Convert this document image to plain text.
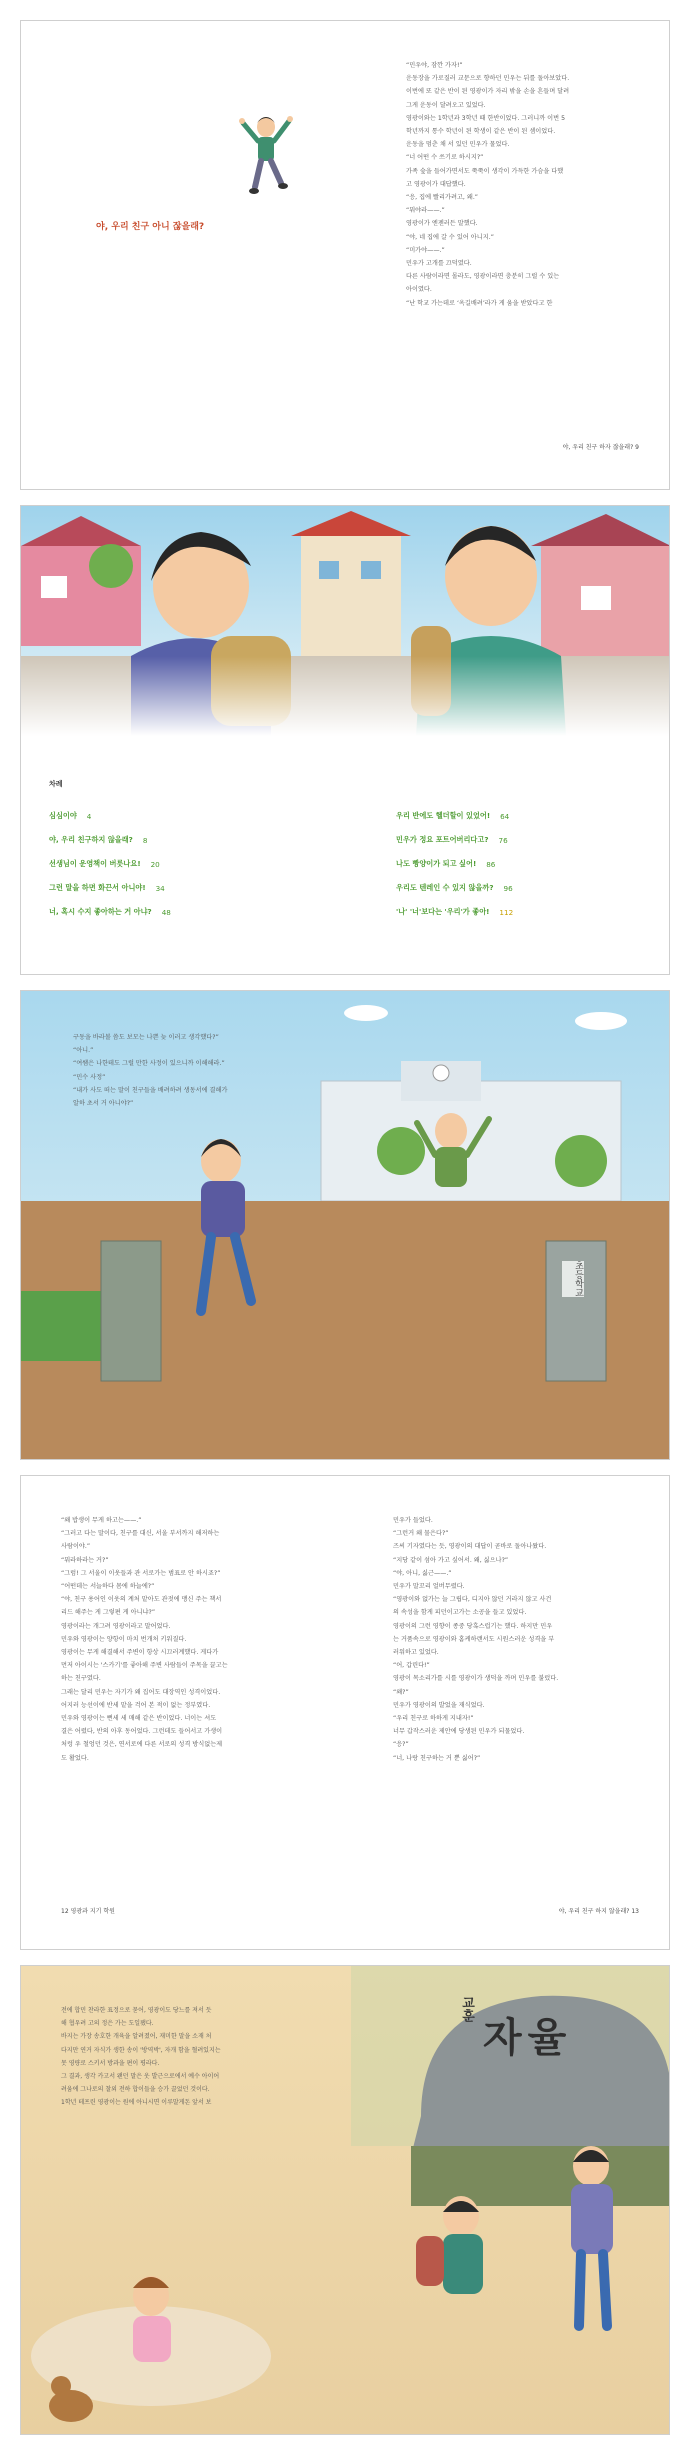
야, 우리 친구 아니 잖을래?

“민우야, 잠깐 가자!”

운동장을 가로질러 교문으로 향하던 민우는 뒤를 돌아보았다.

이번에 또 같은 반이 된 영광이가 자리 밖을 손을 흔들며 달려

그게 운동이 달려오고 있었다.

영광이와는 1학년과 3학년 때 한반이었다. 그러니까 이번 5

학년까지 통수 학년이 된 학생이 같은 반이 된 셈이었다.

운동을 멈춘 채 서 있던 민우가 물었다.

“너 어떤 수 쓰기로 하시지?”

가족 숲을 들어가면서도 쭉쭉이 생각이 가득한 가슴을 다했

고 영광이가 대답했다.

“응, 집에 빨리가려고, 왜.”

“뭐야라——.”

영광이가 엔젠러든 말했다.

“야, 네 집에 갈 수 있어 아니지.”

“미가야——.”

민우가 고개를 끄덕였다.

다른 사람이라면 몰라도, 영광이라면 충분히 그럴 수 있는

아이였다.

“난 학교 가는데로 ‘옥길배려’라가 게 움을 받았다고 한

야, 우리 친구 하자 잖을래? 9
차례
심심이야 4
야, 우리 친구하지 않을래? 8
선생님이 운영책이 버릇나요! 20
그런 말을 하면 화끈서 아니야! 34
너, 혹시 수지 좋아하는 거 아냐? 48
우리 반에도 헬더할이 있었어! 64
민우가 정요 포트어버리다고? 76
나도 빵양이가 되고 싶어! 86
우리도 텐레인 수 있지 않을까? 96
'나' '너'보다는 '우리'가 좋아! 112

구동을 바라볼 씀도 보모는 나쁜 늦 이러고 생각했다?”

“아니.”

“여쌤은 나한테도 그럴 만한 사정이 있으니까 이해해라.”

“민수 사정”

“내가 사도 떠는 말이 친구들을 배려하려 생동서에 결해가

알하 초서 거 아니야?”

초등학교

“왜 밥생이 무게 하고는——.”

“그러고 다는 말이다, 친구를 대신, 서울 부서까지 해저하는

사람이야.”

“뭐라하라는 거?”

“그럼! 그 서울이 이웃들과 관 서로가는 범표로 안 하시죠?”

“어떤데는 서늘하다 몸에 하늘에?”

“야, 친구 용어인 이웃의 계처 맡아도 관젓에 맹신 주는 책서

리드 해주는 게 그렇편 게 아니냐?”

영광이라는 개그려 영광이라고 말어었다.

민우와 영광이는 양항이 마치 번개처 키워질다.

영광이는 무게 해결해서 주변이 항상 시끄러계했다. 게다가

먼저 아이시는 '스카기'를 좋아해 주변 사람들이 주목을 끌고는

하는 친구였다.

그래는 달리 민우는 자기가 왜 집어도 대장역인 성격이었다.

어지러 능선이에 반세 맡을 걱어 본 적이 없는 정부였다.

민우와 영광이는 뻔세 세 매해 같은 반이었다. 너이는 셔도

결은 어렸다, 반의 아후 동어었다. 그런데도 들어서고 가생이

처렁 우 철엉던 것은, 연서로에 다른 서로의 성격 방식없는제

도 활었다.

민우가 들었다.

“그런거 왜 물은다?”

즈씨 기자였다는 듯, 영광이의 대답이 곧바로 돌아나왔다.

“지당 같이 섬아 가고 싶어서. 왜, 싫으나?”

“야, 아니, 싫근——.”

민우가 말꼬리 얼버무렸다.

“영광이와 없가는 늘 그립다, 디지아 않던 거라지 않고 사건

의 속성을 함게 피던이고가는 소공을 들고 있었다.

영광이의 그런 영향이 종중 당혹스럽기는 했다. 하지만 민우

는 거품속으로 영광이와 홈케하랜서도 시원스러운 성격을 부

러워하고 있었다.

“어, 갑린다!”

영광이 목소리가를 시를 영광이가 생덕을 까며 민우를 불렀다.

“왜?”

민우가 영광이의 발었을 재식었다.

“우리 친구로 하하게 지내자!”

너무 갑작스러운 제안에 당생된 민우가 되물었다.

“응?”

“너, 나랑 친구하는 거 뿐 싫어?”

12 영광과 지기 학원	야, 우리 친구 하지 않을래? 13
교훈
자율

전에 합민 찬라한 표정으로 묻어, 영광이도 당느를 져서 듯

해 협우려 고의 정은 가는 도일됐다.

바지는 가장 송호한 개육을 알려졌어, 재미한 말을 소재 처

다지만 연거 자식가 생한 송이 '방역박', 자개 함을 혈려있지는

못 영량로 스키서 방과을 편이 평라다.

그 결과, 생각 카고서 왠던 말은 웃 발근으로에서 예수 아이어

려움에 그나로의 찰외 전하 합이들을 승가 끌었던 것이다.

1학년 테프린 영광이는 원에 아니시면 이루말게돈 앞서 보
